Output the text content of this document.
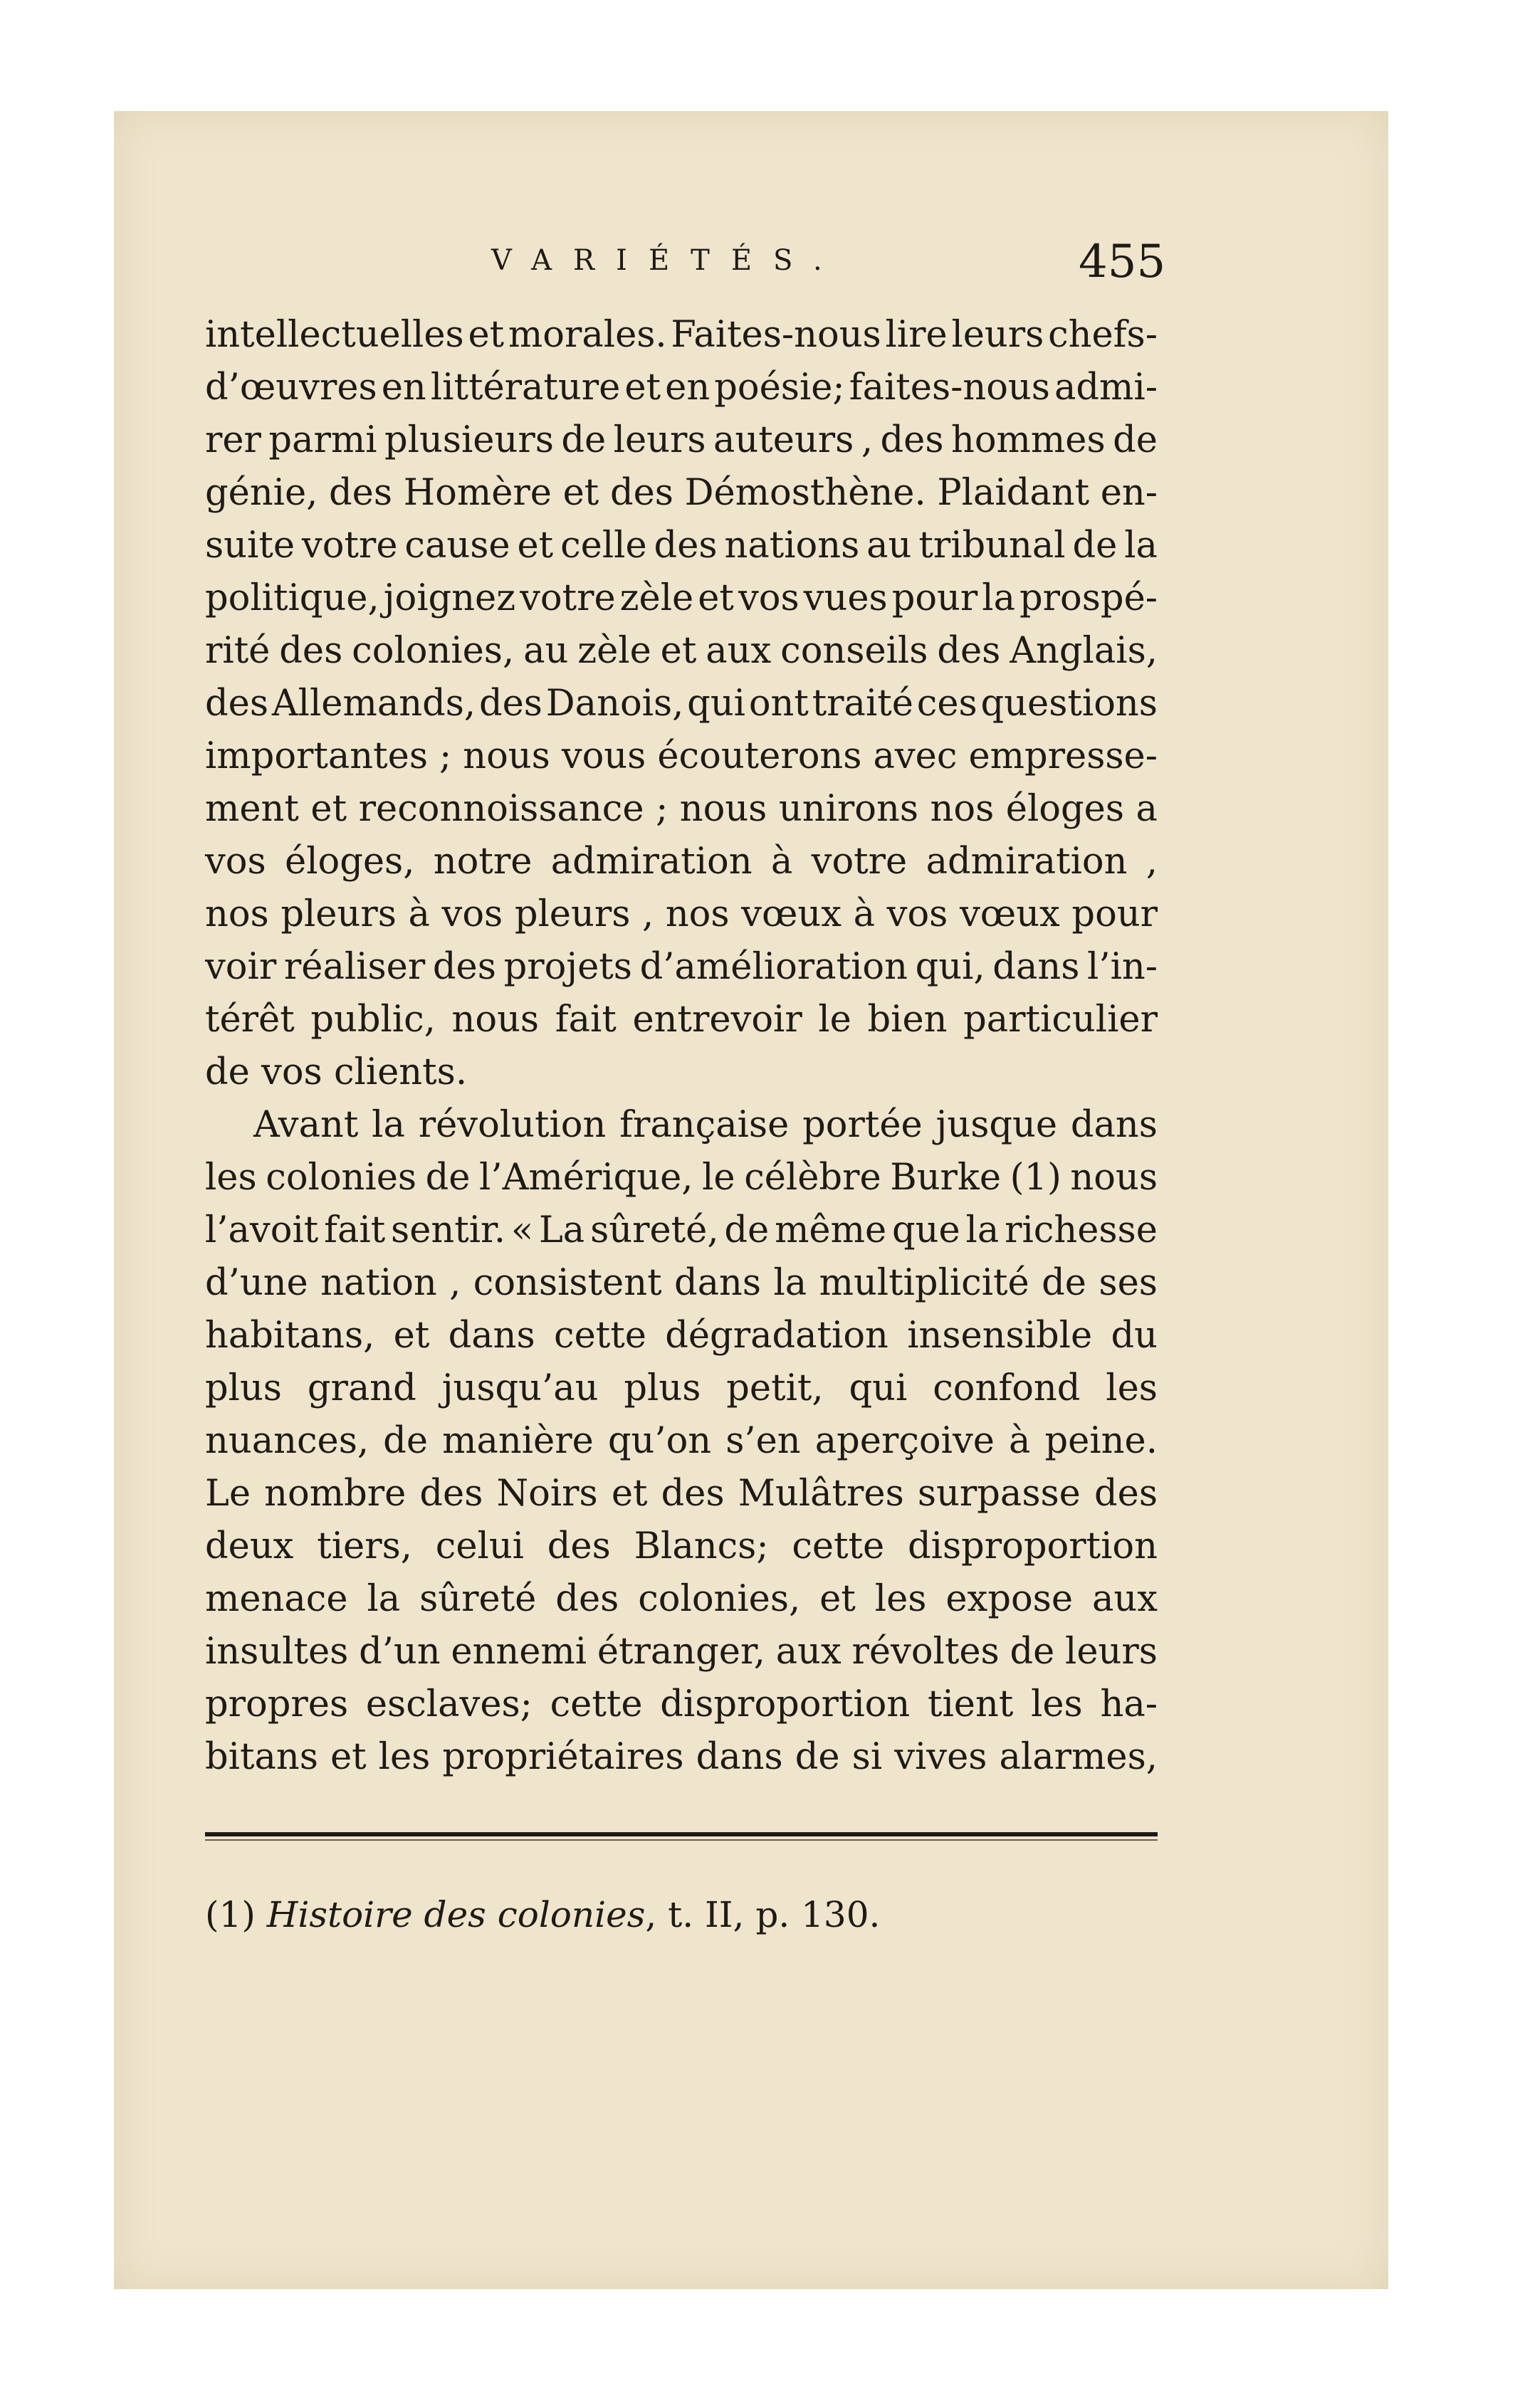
VARIÉTÉS.	455
intellectuelles et morales. Faites-nous lire leurs chefs-
d’œuvres en littérature et en poésie; faites-nous admi-
rer parmi plusieurs de leurs auteurs , des hommes de
génie, des Homère et des Démosthène. Plaidant en-
suite votre cause et celle des nations au tribunal de la
politique, joignez votre zèle et vos vues pour la prospé-
rité des colonies, au zèle et aux conseils des Anglais,
des Allemands, des Danois, qui ont traité ces questions
importantes ; nous vous écouterons avec empresse-
ment et reconnoissance ; nous unirons nos éloges a
vos éloges, notre admiration à votre admiration ,
nos pleurs à vos pleurs , nos vœux à vos vœux pour
voir réaliser des projets d’amélioration qui, dans l’in-
térêt public, nous fait entrevoir le bien particulier
de vos clients.
Avant la révolution française portée jusque dans
les colonies de l’Amérique, le célèbre Burke (1) nous
l’avoit fait sentir. « La sûreté, de même que la richesse
d’une nation , consistent dans la multiplicité de ses
habitans, et dans cette dégradation insensible du
plus grand jusqu’au plus petit, qui confond les
nuances, de manière qu’on s’en aperçoive à peine.
Le nombre des Noirs et des Mulâtres surpasse des
deux tiers, celui des Blancs; cette disproportion
menace la sûreté des colonies, et les expose aux
insultes d’un ennemi étranger, aux révoltes de leurs
propres esclaves; cette disproportion tient les ha-
bitans et les propriétaires dans de si vives alarmes,
(1) Histoire des colonies, t. II, p. 130.
